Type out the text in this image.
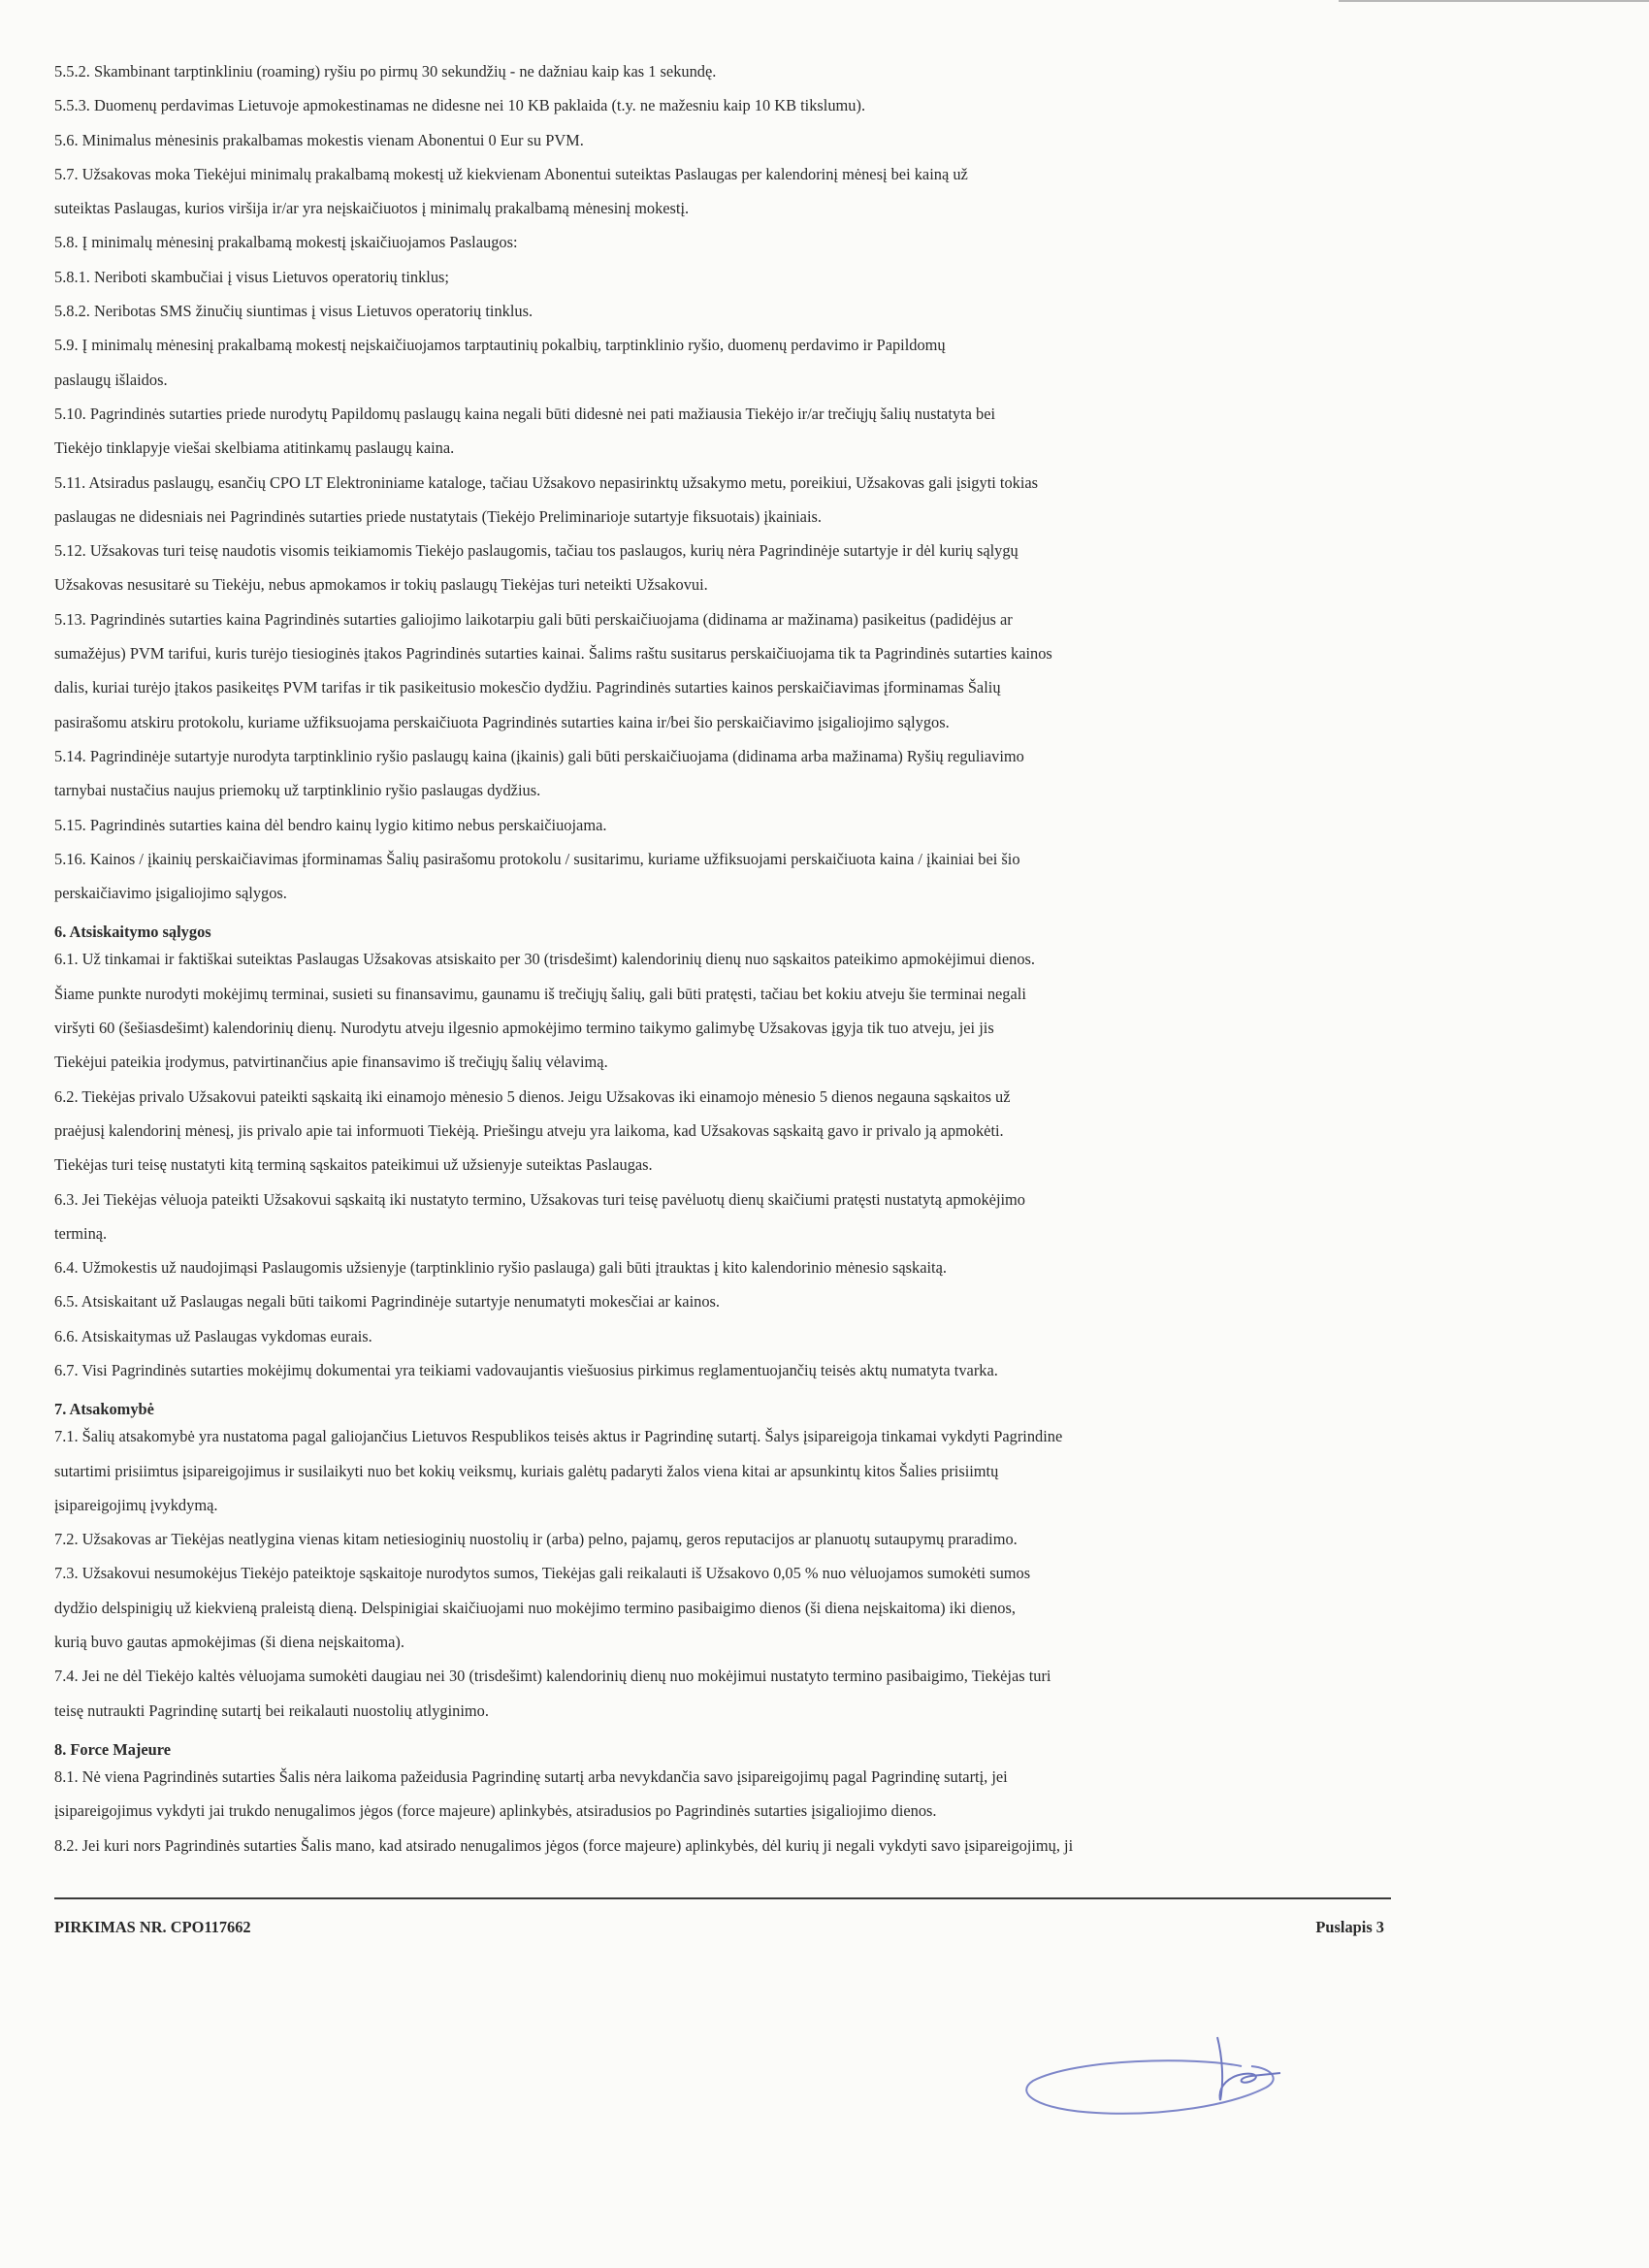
5.5.2. Skambinant tarptinkliniu (roaming) ryšiu po pirmų 30 sekundžių - ne dažniau kaip kas 1 sekundę.

5.5.3. Duomenų perdavimas Lietuvoje apmokestinamas ne didesne nei 10 KB paklaida (t.y. ne mažesniu kaip 10 KB tikslumu).

5.6. Minimalus mėnesinis prakalbamas mokestis vienam Abonentui 0 Eur su PVM.

5.7. Užsakovas moka Tiekėjui minimalų prakalbamą mokestį už kiekvienam Abonentui suteiktas Paslaugas per kalendorinį mėnesį bei kainą už

suteiktas Paslaugas, kurios viršija ir/ar yra neįskaičiuotos į minimalų prakalbamą mėnesinį mokestį.

5.8. Į minimalų mėnesinį prakalbamą mokestį įskaičiuojamos Paslaugos:

5.8.1. Neriboti skambučiai į visus Lietuvos operatorių tinklus;

5.8.2. Neribotas SMS žinučių siuntimas į visus Lietuvos operatorių tinklus.

5.9. Į minimalų mėnesinį prakalbamą mokestį neįskaičiuojamos tarptautinių pokalbių, tarptinklinio ryšio, duomenų perdavimo ir Papildomų

paslaugų išlaidos.

5.10. Pagrindinės sutarties priede nurodytų Papildomų paslaugų kaina negali būti didesnė nei pati mažiausia Tiekėjo ir/ar trečiųjų šalių nustatyta bei

Tiekėjo tinklapyje viešai skelbiama atitinkamų paslaugų kaina.

5.11. Atsiradus paslaugų, esančių CPO LT Elektroniniame kataloge, tačiau Užsakovo nepasirinktų užsakymo metu, poreikiui, Užsakovas gali įsigyti tokias

paslaugas ne didesniais nei Pagrindinės sutarties priede nustatytais (Tiekėjo Preliminarioje sutartyje fiksuotais) įkainiais.

5.12. Užsakovas turi teisę naudotis visomis teikiamomis Tiekėjo paslaugomis, tačiau tos paslaugos, kurių nėra Pagrindinėje sutartyje ir dėl kurių sąlygų

Užsakovas nesusitarė su Tiekėju, nebus apmokamos ir tokių paslaugų Tiekėjas turi neteikti Užsakovui.

5.13. Pagrindinės sutarties kaina Pagrindinės sutarties galiojimo laikotarpiu gali būti perskaičiuojama (didinama ar mažinama) pasikeitus (padidėjus ar

sumažėjus) PVM tarifui, kuris turėjo tiesioginės įtakos Pagrindinės sutarties kainai. Šalims raštu susitarus perskaičiuojama tik ta Pagrindinės sutarties kainos

dalis, kuriai turėjo įtakos pasikeitęs PVM tarifas ir tik pasikeitusio mokesčio dydžiu. Pagrindinės sutarties kainos perskaičiavimas įforminamas Šalių

pasirašomu atskiru protokolu, kuriame užfiksuojama perskaičiuota Pagrindinės sutarties kaina ir/bei šio perskaičiavimo įsigaliojimo sąlygos.

5.14. Pagrindinėje sutartyje nurodyta tarptinklinio ryšio paslaugų kaina (įkainis) gali būti perskaičiuojama (didinama arba mažinama) Ryšių reguliavimo

tarnybai nustačius naujus priemokų už tarptinklinio ryšio paslaugas dydžius.

5.15. Pagrindinės sutarties kaina dėl bendro kainų lygio kitimo nebus perskaičiuojama.

5.16. Kainos / įkainių perskaičiavimas įforminamas Šalių pasirašomu protokolu / susitarimu, kuriame užfiksuojami perskaičiuota kaina / įkainiai bei šio

perskaičiavimo įsigaliojimo sąlygos.

6. Atsiskaitymo sąlygos

6.1. Už tinkamai ir faktiškai suteiktas Paslaugas Užsakovas atsiskaito per 30 (trisdešimt) kalendorinių dienų nuo sąskaitos pateikimo apmokėjimui dienos.

Šiame punkte nurodyti mokėjimų terminai, susieti su finansavimu, gaunamu iš trečiųjų šalių, gali būti pratęsti, tačiau bet kokiu atveju šie terminai negali

viršyti 60 (šešiasdešimt) kalendorinių dienų. Nurodytu atveju ilgesnio apmokėjimo termino taikymo galimybę Užsakovas įgyja tik tuo atveju, jei jis

Tiekėjui pateikia įrodymus, patvirtinančius apie finansavimo iš trečiųjų šalių vėlavimą.

6.2. Tiekėjas privalo Užsakovui pateikti sąskaitą iki einamojo mėnesio 5 dienos. Jeigu Užsakovas iki einamojo mėnesio 5 dienos negauna sąskaitos už

praėjusį kalendorinį mėnesį, jis privalo apie tai informuoti Tiekėją. Priešingu atveju yra laikoma, kad Užsakovas sąskaitą gavo ir privalo ją apmokėti.

Tiekėjas turi teisę nustatyti kitą terminą sąskaitos pateikimui už užsienyje suteiktas Paslaugas.

6.3. Jei Tiekėjas vėluoja pateikti Užsakovui sąskaitą iki nustatyto termino, Užsakovas turi teisę pavėluotų dienų skaičiumi pratęsti nustatytą apmokėjimo

terminą.

6.4. Užmokestis už naudojimąsi Paslaugomis užsienyje (tarptinklinio ryšio paslauga) gali būti įtrauktas į kito kalendorinio mėnesio sąskaitą.

6.5. Atsiskaitant už Paslaugas negali būti taikomi Pagrindinėje sutartyje nenumatyti mokesčiai ar kainos.

6.6. Atsiskaitymas už Paslaugas vykdomas eurais.

6.7. Visi Pagrindinės sutarties mokėjimų dokumentai yra teikiami vadovaujantis viešuosius pirkimus reglamentuojančių teisės aktų numatyta tvarka.

7. Atsakomybė

7.1. Šalių atsakomybė yra nustatoma pagal galiojančius Lietuvos Respublikos teisės aktus ir Pagrindinę sutartį. Šalys įsipareigoja tinkamai vykdyti Pagrindine

sutartimi prisiimtus įsipareigojimus ir susilaikyti nuo bet kokių veiksmų, kuriais galėtų padaryti žalos viena kitai ar apsunkintų kitos Šalies prisiimtų

įsipareigojimų įvykdymą.

7.2. Užsakovas ar Tiekėjas neatlygina vienas kitam netiesioginių nuostolių ir (arba) pelno, pajamų, geros reputacijos ar planuotų sutaupymų praradimo.

7.3. Užsakovui nesumokėjus Tiekėjo pateiktoje sąskaitoje nurodytos sumos, Tiekėjas gali reikalauti iš Užsakovo 0,05 % nuo vėluojamos sumokėti sumos

dydžio delspinigių už kiekvieną praleistą dieną. Delspinigiai skaičiuojami nuo mokėjimo termino pasibaigimo dienos (ši diena neįskaitoma) iki dienos,

kurią buvo gautas apmokėjimas (ši diena neįskaitoma).

7.4. Jei ne dėl Tiekėjo kaltės vėluojama sumokėti daugiau nei 30 (trisdešimt) kalendorinių dienų nuo mokėjimui nustatyto termino pasibaigimo, Tiekėjas turi

teisę nutraukti Pagrindinę sutartį bei reikalauti nuostolių atlyginimo.

8. Force Majeure

8.1. Nė viena Pagrindinės sutarties Šalis nėra laikoma pažeidusia Pagrindinę sutartį arba nevykdančia savo įsipareigojimų pagal Pagrindinę sutartį, jei

įsipareigojimus vykdyti jai trukdo nenugalimos jėgos (force majeure) aplinkybės, atsiradusios po Pagrindinės sutarties įsigaliojimo dienos.

8.2. Jei kuri nors Pagrindinės sutarties Šalis mano, kad atsirado nenugalimos jėgos (force majeure) aplinkybės, dėl kurių ji negali vykdyti savo įsipareigojimų, ji

PIRKIMAS NR. CPO117662	Puslapis 3
